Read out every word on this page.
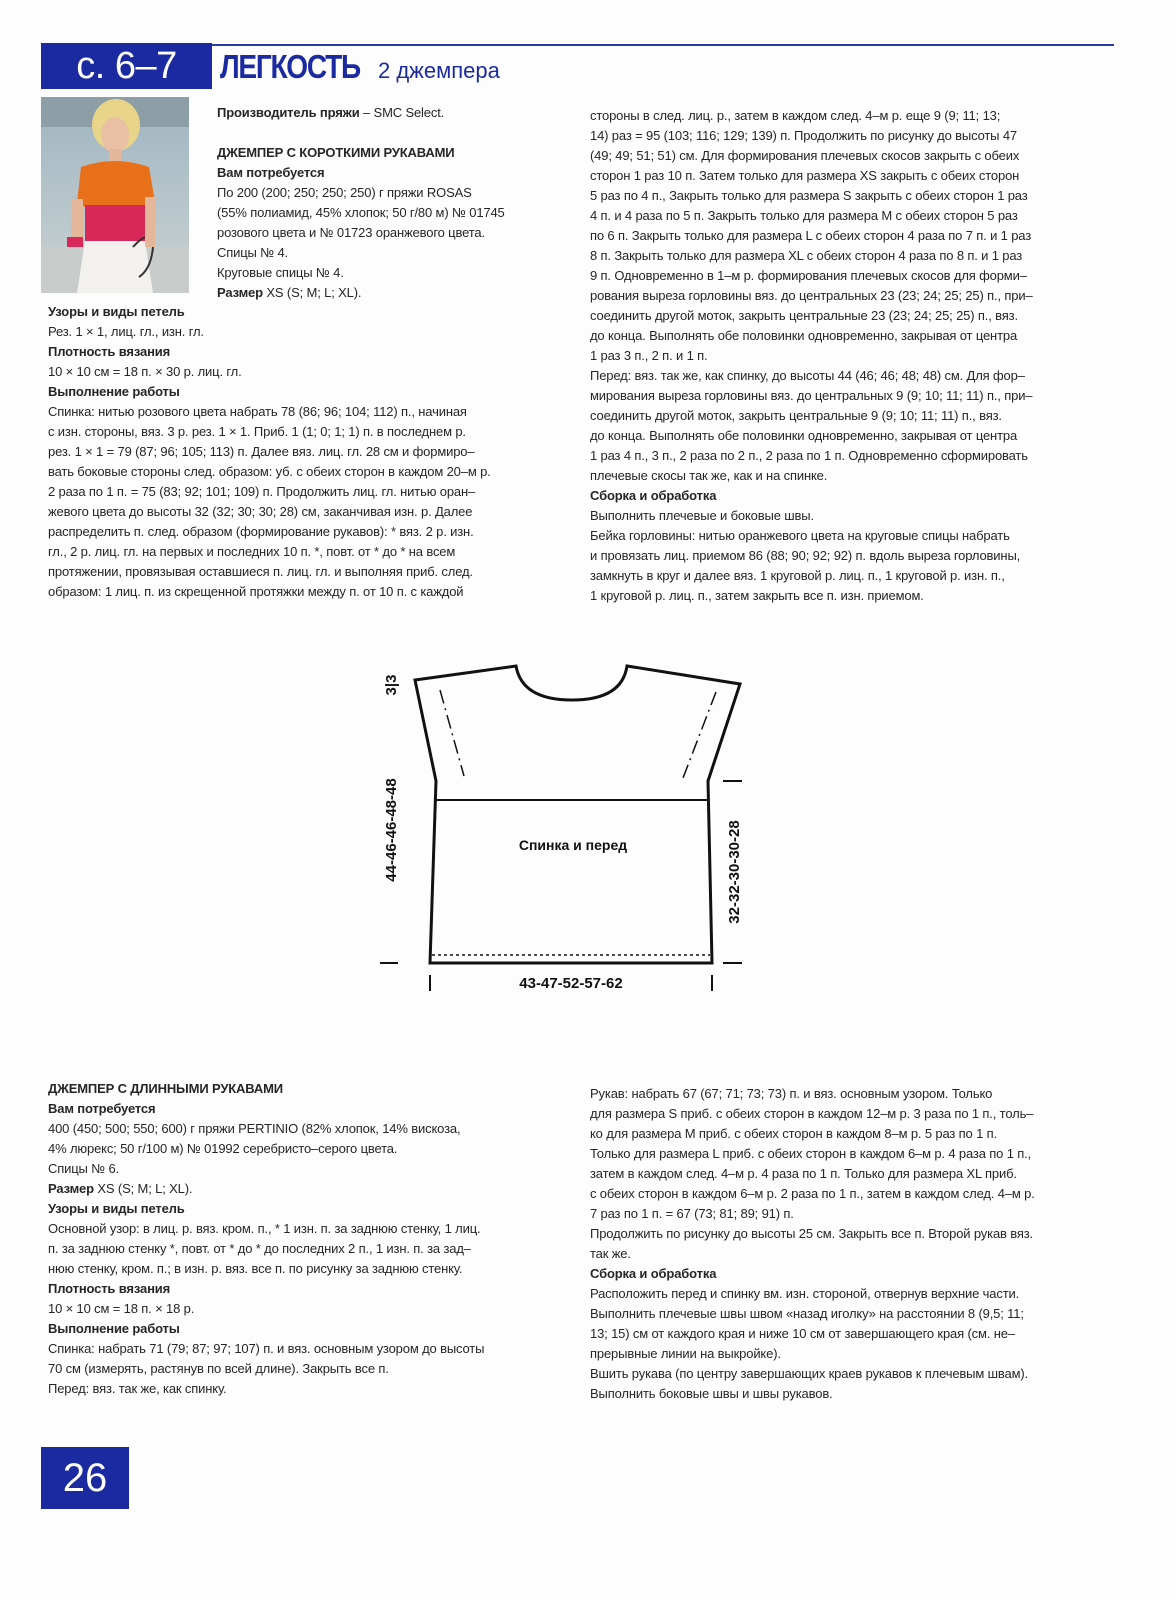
с. 6–7	ЛЕГКОСТЬ 2 джемпера
Производитель пряжи – SMC Select.
ДЖЕМПЕР С КОРОТКИМИ РУКАВАМИ
Вам потребуется
По 200 (200; 250; 250; 250) г пряжи ROSAS
(55% полиамид, 45% хлопок; 50 г/80 м) № 01745
розового цвета и № 01723 оранжевого цвета.
Спицы № 4.
Круговые спицы № 4.
Размер XS (S; M; L; XL).
Узоры и виды петель
Рез. 1 × 1, лиц. гл., изн. гл.
Плотность вязания
10 × 10 см = 18 п. × 30 р. лиц. гл.
Выполнение работы
Спинка: нитью розового цвета набрать 78 (86; 96; 104; 112) п., начиная
с изн. стороны, вяз. 3 р. рез. 1 × 1. Приб. 1 (1; 0; 1; 1) п. в последнем р.
рез. 1 × 1 = 79 (87; 96; 105; 113) п. Далее вяз. лиц. гл. 28 см и формиро–
вать боковые стороны след. образом: уб. с обеих сторон в каждом 20–м р.
2 раза по 1 п. = 75 (83; 92; 101; 109) п. Продолжить лиц. гл. нитью оран–
жевого цвета до высоты 32 (32; 30; 30; 28) см, заканчивая изн. р. Далее
распределить п. след. образом (формирование рукавов): * вяз. 2 р. изн.
гл., 2 р. лиц. гл. на первых и последних 10 п. *, повт. от * до * на всем
протяжении, провязывая оставшиеся п. лиц. гл. и выполняя приб. след.
образом: 1 лиц. п. из скрещенной протяжки между п. от 10 п. с каждой
стороны в след. лиц. р., затем в каждом след. 4–м р. еще 9 (9; 11; 13;
14) раз = 95 (103; 116; 129; 139) п. Продолжить по рисунку до высоты 47
(49; 49; 51; 51) см. Для формирования плечевых скосов закрыть с обеих
сторон 1 раз 10 п. Затем только для размера XS закрыть с обеих сторон
5 раз по 4 п., Закрыть только для размера S закрыть с обеих сторон 1 раз
4 п. и 4 раза по 5 п. Закрыть только для размера M с обеих сторон 5 раз
по 6 п. Закрыть только для размера L с обеих сторон 4 раза по 7 п. и 1 раз
8 п. Закрыть только для размера XL с обеих сторон 4 раза по 8 п. и 1 раз
9 п. Одновременно в 1–м р. формирования плечевых скосов для форми–
рования выреза горловины вяз. до центральных 23 (23; 24; 25; 25) п., при–
соединить другой моток, закрыть центральные 23 (23; 24; 25; 25) п., вяз.
до конца. Выполнять обе половинки одновременно, закрывая от центра
1 раз 3 п., 2 п. и 1 п.
Перед: вяз. так же, как спинку, до высоты 44 (46; 46; 48; 48) см. Для фор–
мирования выреза горловины вяз. до центральных 9 (9; 10; 11; 11) п., при–
соединить другой моток, закрыть центральные 9 (9; 10; 11; 11) п., вяз.
до конца. Выполнять обе половинки одновременно, закрывая от центра
1 раз 4 п., 3 п., 2 раза по 2 п., 2 раза по 1 п. Одновременно сформировать
плечевые скосы так же, как и на спинке.
Сборка и обработка
Выполнить плечевые и боковые швы.
Бейка горловины: нитью оранжевого цвета на круговые спицы набрать
и провязать лиц. приемом 86 (88; 90; 92; 92) п. вдоль выреза горловины,
замкнуть в круг и далее вяз. 1 круговой р. лиц. п., 1 круговой р. изн. п.,
1 круговой р. лиц. п., затем закрыть все п. изн. приемом.
ДЖЕМПЕР С ДЛИННЫМИ РУКАВАМИ
Вам потребуется
400 (450; 500; 550; 600) г пряжи PERTINIO (82% хлопок, 14% вискоза,
4% люрекс; 50 г/100 м) № 01992 серебристо–серого цвета.
Спицы № 6.
Размер XS (S; M; L; XL).
Узоры и виды петель
Основной узор: в лиц. р. вяз. кром. п., * 1 изн. п. за заднюю стенку, 1 лиц.
п. за заднюю стенку *, повт. от * до * до последних 2 п., 1 изн. п. за зад–
нюю стенку, кром. п.; в изн. р. вяз. все п. по рисунку за заднюю стенку.
Плотность вязания
10 × 10 см = 18 п. × 18 р.
Выполнение работы
Спинка: набрать 71 (79; 87; 97; 107) п. и вяз. основным узором до высоты
70 см (измерять, растянув по всей длине). Закрыть все п.
Перед: вяз. так же, как спинку.
Рукав: набрать 67 (67; 71; 73; 73) п. и вяз. основным узором. Только
для размера S приб. с обеих сторон в каждом 12–м р. 3 раза по 1 п., толь–
ко для размера M приб. с обеих сторон в каждом 8–м р. 5 раз по 1 п.
Только для размера L приб. с обеих сторон в каждом 6–м р. 4 раза по 1 п.,
затем в каждом след. 4–м р. 4 раза по 1 п. Только для размера XL приб.
с обеих сторон в каждом 6–м р. 2 раза по 1 п., затем в каждом след. 4–м р.
7 раз по 1 п. = 67 (73; 81; 89; 91) п.
Продолжить по рисунку до высоты 25 см. Закрыть все п. Второй рукав вяз.
так же.
Сборка и обработка
Расположить перед и спинку вм. изн. стороной, отвернув верхние части.
Выполнить плечевые швы швом «назад иголку» на расстоянии 8 (9,5; 11;
13; 15) см от каждого края и ниже 10 см от завершающего края (см. не–
прерывные линии на выкройке).
Вшить рукава (по центру завершающих краев рукавов к плечевым швам).
Выполнить боковые швы и швы рукавов.
Спинка и перед
44-46-46-48-48
3|3
32-32-30-30-28
43-47-52-57-62
26
